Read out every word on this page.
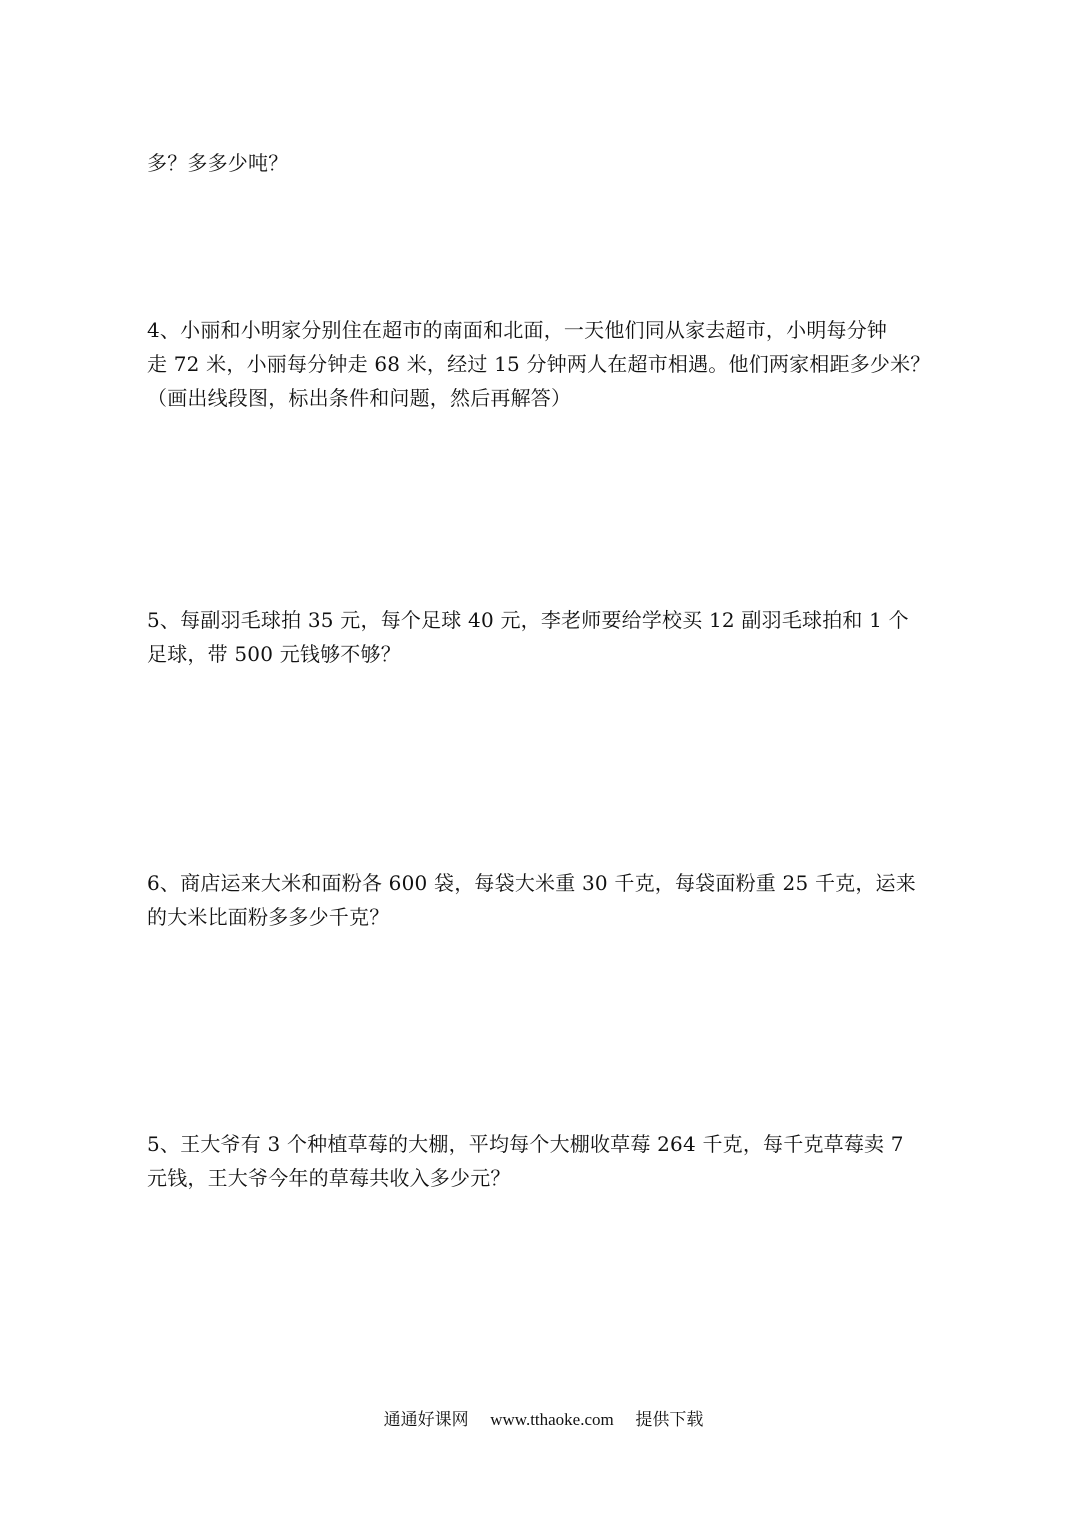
多？多多少吨？
4、小丽和小明家分别住在超市的南面和北面，一天他们同从家去超市，小明每分钟
走 72 米，小丽每分钟走 68 米，经过 15 分钟两人在超市相遇。他们两家相距多少米？
（画出线段图，标出条件和问题，然后再解答）
5、每副羽毛球拍 35 元，每个足球 40 元，李老师要给学校买 12 副羽毛球拍和 1 个
足球，带 500 元钱够不够？
6、商店运来大米和面粉各 600 袋，每袋大米重 30 千克，每袋面粉重 25 千克，运来
的大米比面粉多多少千克？
5、王大爷有 3 个种植草莓的大棚，平均每个大棚收草莓 264 千克，每千克草莓卖 7
元钱，王大爷今年的草莓共收入多少元？
通通好课网 www.tthaoke.com 提供下载
